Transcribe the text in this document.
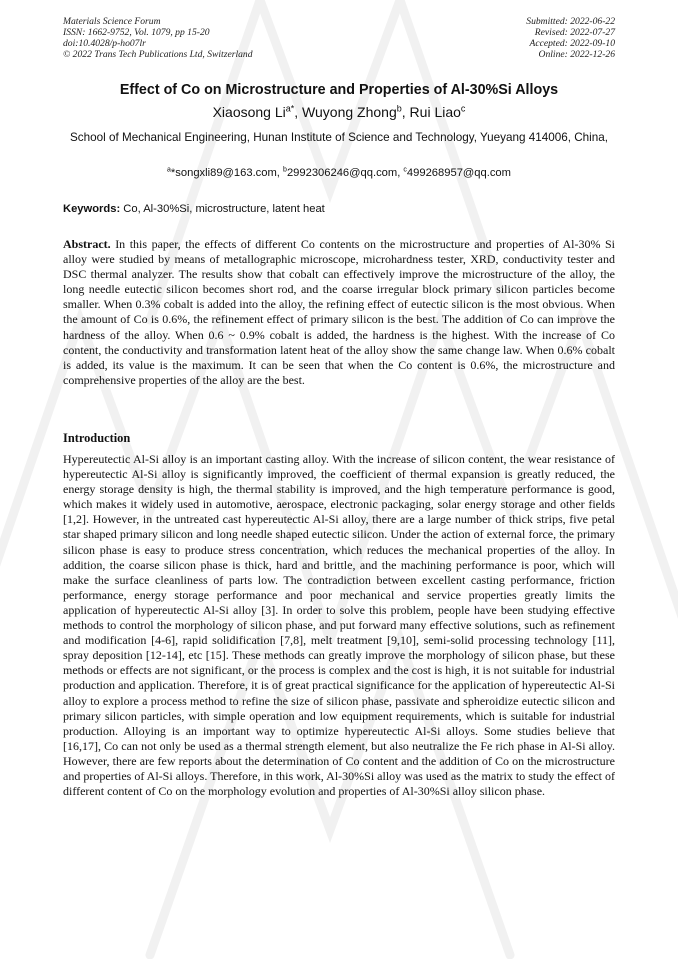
Materials Science Forum
ISSN: 1662-9752, Vol. 1079, pp 15-20
doi:10.4028/p-ho07lr
© 2022 Trans Tech Publications Ltd, Switzerland
Submitted: 2022-06-22
Revised: 2022-07-27
Accepted: 2022-09-10
Online: 2022-12-26
Effect of Co on Microstructure and Properties of Al-30%Si Alloys
Xiaosong $Li^{a*}$, Wuyong Zhong$^b$, Rui Liao$^c$
School of Mechanical Engineering, Hunan Institute of Science and Technology, Yueyang 414006, China,
$^a$*songxli89@163.com, $^b$2992306246@qq.com, $^c$499268957@qq.com
Keywords: Co, Al-30%Si, microstructure, latent heat

Abstract. In this paper, the effects of different Co contents on the microstructure and properties of Al-30% Si alloy were studied by means of metallographic microscope, microhardness tester, XRD, conductivity tester and DSC thermal analyzer. The results show that cobalt can effectively improve the microstructure of the alloy, the long needle eutectic silicon becomes short rod, and the coarse irregular block primary silicon particles become smaller. When 0.3% cobalt is added into the alloy, the refining effect of eutectic silicon is the most obvious. When the amount of Co is 0.6%, the refinement effect of primary silicon is the best. The addition of Co can improve the hardness of the alloy. When 0.6 ~ 0.9% cobalt is added, the hardness is the highest. With the increase of Co content, the conductivity and transformation latent heat of the alloy show the same change law. When 0.6% cobalt is added, its value is the maximum. It can be seen that when the Co content is 0.6%, the microstructure and comprehensive properties of the alloy are the best.

Introduction

Hypereutectic Al-Si alloy is an important casting alloy. With the increase of silicon content, the wear resistance of hypereutectic Al-Si alloy is significantly improved, the coefficient of thermal expansion is greatly reduced, the energy storage density is high, the thermal stability is improved, and the high temperature performance is good, which makes it widely used in automotive, aerospace, electronic packaging, solar energy storage and other fields [1,2]. However, in the untreated cast hypereutectic Al-Si alloy, there are a large number of thick strips, five petal star shaped primary silicon and long needle shaped eutectic silicon. Under the action of external force, the primary silicon phase is easy to produce stress concentration, which reduces the mechanical properties of the alloy. In addition, the coarse silicon phase is thick, hard and brittle, and the machining performance is poor, which will make the surface cleanliness of parts low. The contradiction between excellent casting performance, friction performance, energy storage performance and poor mechanical and service properties greatly limits the application of hypereutectic Al-Si alloy [3]. In order to solve this problem, people have been studying effective methods to control the morphology of silicon phase, and put forward many effective solutions, such as refinement and modification [4-6], rapid solidification [7,8], melt treatment [9,10], semi-solid processing technology [11], spray deposition [12-14], etc [15]. These methods can greatly improve the morphology of silicon phase, but these methods or effects are not significant, or the process is complex and the cost is high, it is not suitable for industrial production and application. Therefore, it is of great practical significance for the application of hypereutectic Al-Si alloy to explore a process method to refine the size of silicon phase, passivate and spheroidize eutectic silicon and primary silicon particles, with simple operation and low equipment requirements, which is suitable for industrial production. Alloying is an important way to optimize hypereutectic Al-Si alloys. Some studies believe that [16,17], Co can not only be used as a thermal strength element, but also neutralize the Fe rich phase in Al-Si alloy. However, there are few reports about the determination of Co content and the addition of Co on the microstructure and properties of Al-Si alloys. Therefore, in this work, Al-30%Si alloy was used as the matrix to study the effect of different content of Co on the morphology evolution and properties of Al-30%Si alloy silicon phase.
